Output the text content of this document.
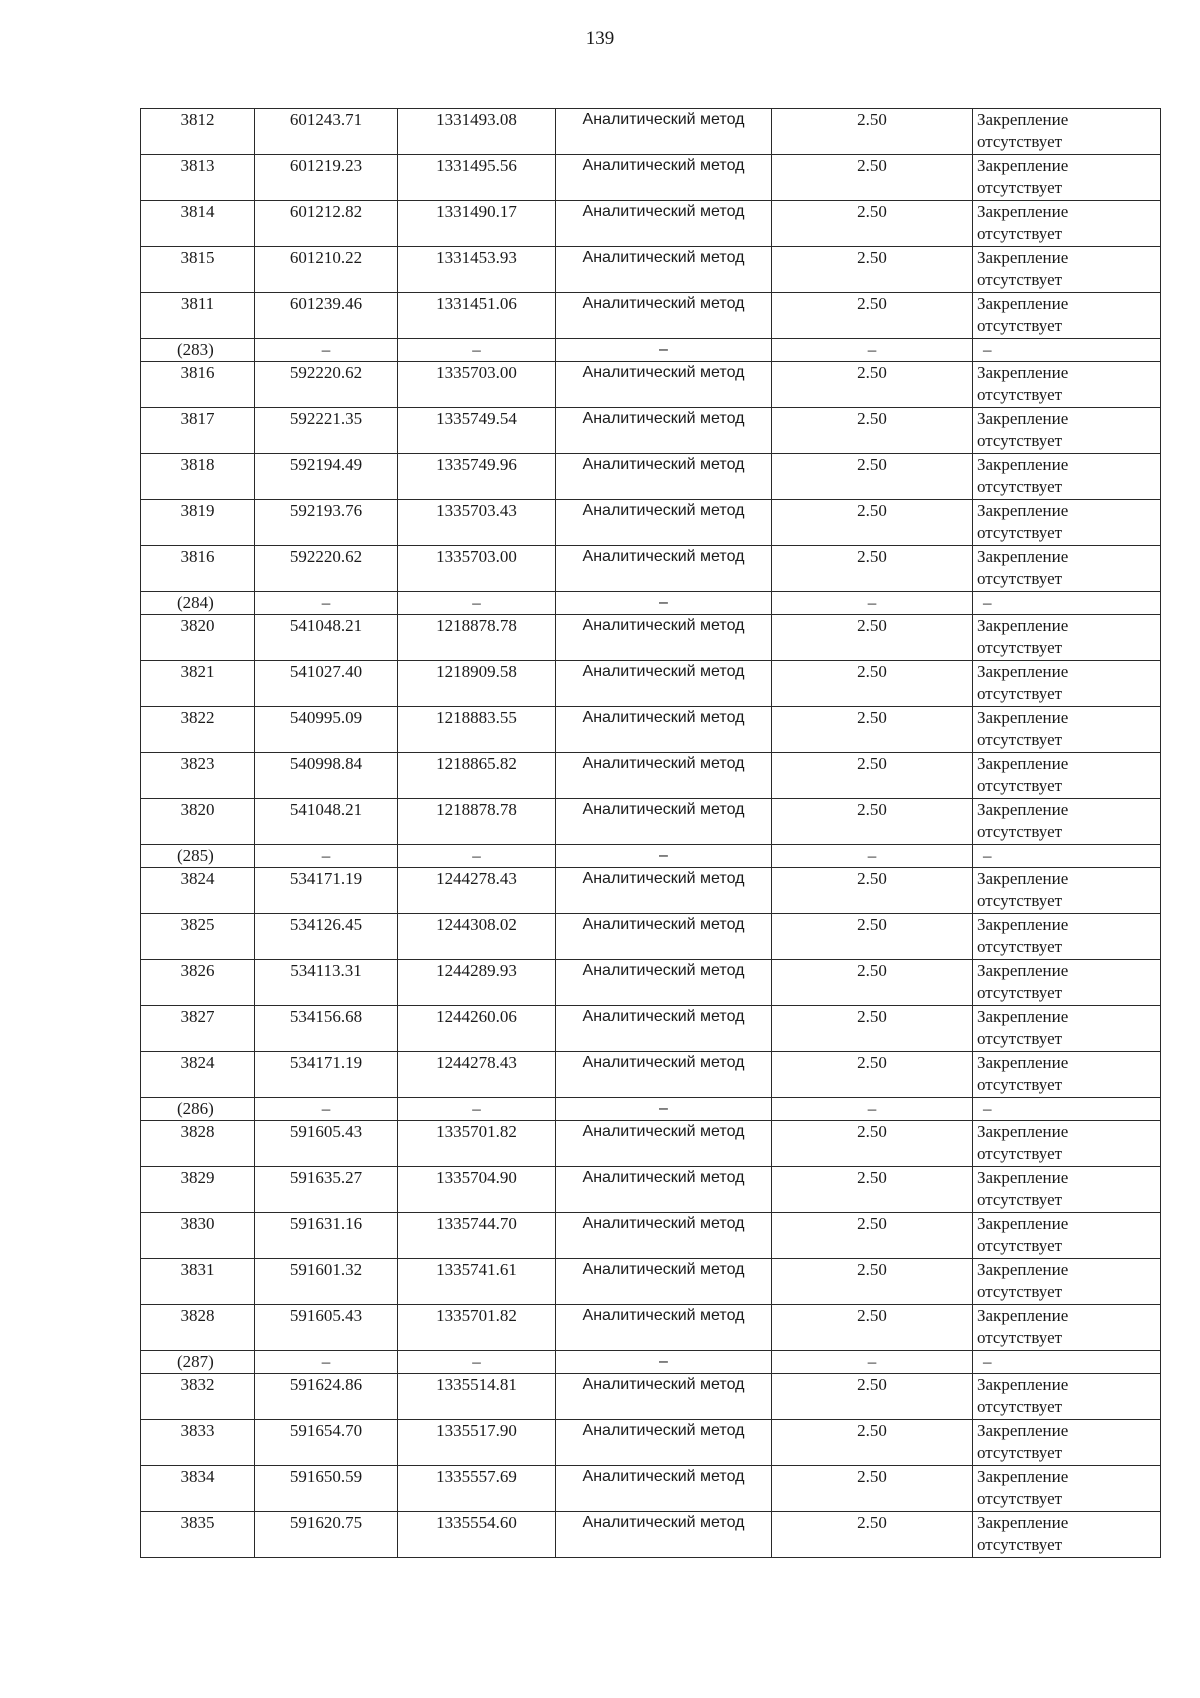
139
3812	601243.71	1331493.08	Аналитический метод	2.50	Закрепление отсутствует
3813	601219.23	1331495.56	Аналитический метод	2.50	Закрепление отсутствует
3814	601212.82	1331490.17	Аналитический метод	2.50	Закрепление отсутствует
3815	601210.22	1331453.93	Аналитический метод	2.50	Закрепление отсутствует
3811	601239.46	1331451.06	Аналитический метод	2.50	Закрепление отсутствует
(283)	–	–	–	–	–
3816	592220.62	1335703.00	Аналитический метод	2.50	Закрепление отсутствует
3817	592221.35	1335749.54	Аналитический метод	2.50	Закрепление отсутствует
3818	592194.49	1335749.96	Аналитический метод	2.50	Закрепление отсутствует
3819	592193.76	1335703.43	Аналитический метод	2.50	Закрепление отсутствует
3816	592220.62	1335703.00	Аналитический метод	2.50	Закрепление отсутствует
(284)	–	–	–	–	–
3820	541048.21	1218878.78	Аналитический метод	2.50	Закрепление отсутствует
3821	541027.40	1218909.58	Аналитический метод	2.50	Закрепление отсутствует
3822	540995.09	1218883.55	Аналитический метод	2.50	Закрепление отсутствует
3823	540998.84	1218865.82	Аналитический метод	2.50	Закрепление отсутствует
3820	541048.21	1218878.78	Аналитический метод	2.50	Закрепление отсутствует
(285)	–	–	–	–	–
3824	534171.19	1244278.43	Аналитический метод	2.50	Закрепление отсутствует
3825	534126.45	1244308.02	Аналитический метод	2.50	Закрепление отсутствует
3826	534113.31	1244289.93	Аналитический метод	2.50	Закрепление отсутствует
3827	534156.68	1244260.06	Аналитический метод	2.50	Закрепление отсутствует
3824	534171.19	1244278.43	Аналитический метод	2.50	Закрепление отсутствует
(286)	–	–	–	–	–
3828	591605.43	1335701.82	Аналитический метод	2.50	Закрепление отсутствует
3829	591635.27	1335704.90	Аналитический метод	2.50	Закрепление отсутствует
3830	591631.16	1335744.70	Аналитический метод	2.50	Закрепление отсутствует
3831	591601.32	1335741.61	Аналитический метод	2.50	Закрепление отсутствует
3828	591605.43	1335701.82	Аналитический метод	2.50	Закрепление отсутствует
(287)	–	–	–	–	–
3832	591624.86	1335514.81	Аналитический метод	2.50	Закрепление отсутствует
3833	591654.70	1335517.90	Аналитический метод	2.50	Закрепление отсутствует
3834	591650.59	1335557.69	Аналитический метод	2.50	Закрепление отсутствует
3835	591620.75	1335554.60	Аналитический метод	2.50	Закрепление отсутствует
